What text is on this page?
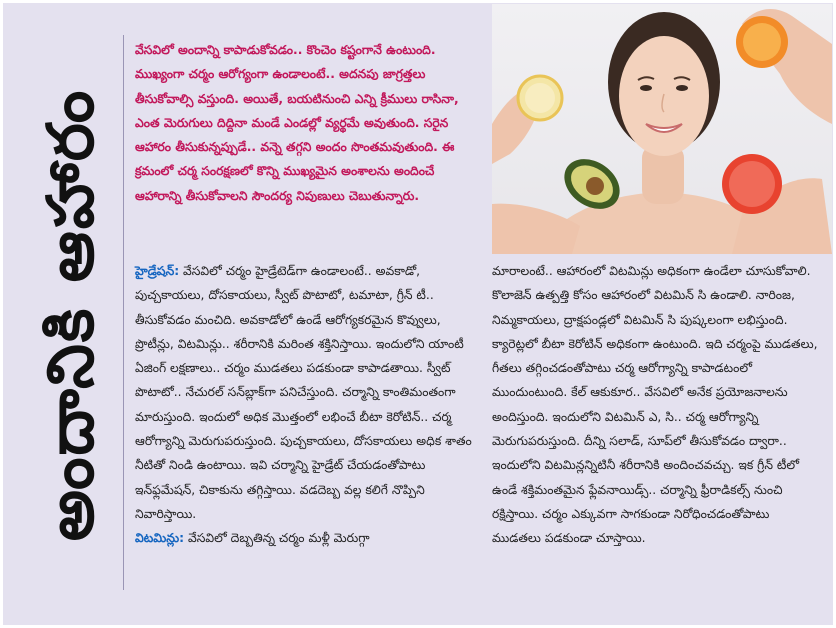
అందానికి ఆహారం

వేసవిలో అందాన్ని కాపాడుకోవడం.. కొంచెం కష్టంగానే ఉంటుంది. ముఖ్యంగా చర్మం ఆరోగ్యంగా ఉండాలంటే.. అదనపు జాగ్రత్తలు తీసుకోవాల్సి వస్తుంది. అయితే, బయటినుంచి ఎన్ని క్రీములు రాసినా, ఎంత మెరుగులు దిద్దినా మండే ఎండల్లో వ్యర్థమే అవుతుంది. సరైన ఆహారం తీసుకున్నప్పుడే.. వన్నె తగ్గని అందం సొంతమవుతుంది. ఈ క్రమంలో చర్మ సంరక్షణలో కొన్ని ముఖ్యమైన అంశాలను అందించే ఆహారాన్ని తీసుకోవాలని సౌందర్య నిపుణులు చెబుతున్నారు.

హైడ్రేషన్: వేసవిలో చర్మం హైడ్రేటెడ్‌గా ఉండాలంటే.. అవకాడో, పుచ్చకాయలు, దోసకాయలు, స్వీట్ పొటాటో, టమాటా, గ్రీన్ టీ.. తీసుకోవడం మంచిది. అవకాడోలో ఉండే ఆరోగ్యకరమైన కొవ్వులు, ప్రొటీన్లు, విటమిన్లు.. శరీరానికి మరింత శక్తినిస్తాయి. ఇందులోని యాంటీ ఏజింగ్ లక్షణాలు.. చర్మం ముడతలు పడకుండా కాపాడతాయి. స్వీట్ పొటాటో.. నేచురల్ సన్‌బ్లాక్‌గా పనిచేస్తుంది. చర్మాన్ని కాంతిమంతంగా మారుస్తుంది. ఇందులో అధిక మొత్తంలో లభించే బీటా కెరోటిన్.. చర్మ ఆరోగ్యాన్ని మెరుగుపరుస్తుంది. పుచ్చకాయలు, దోసకాయలు అధిక శాతం నీటితో నిండి ఉంటాయి. ఇవి చర్మాన్ని హైడ్రేట్ చేయడంతోపాటు ఇన్‌ఫ్లమేషన్, చికాకును తగ్గిస్తాయి. వడదెబ్బ వల్ల కలిగే నొప్పిని నివారిస్తాయి.

విటమిన్లు: వేసవిలో దెబ్బతిన్న చర్మం మళ్లీ మెరుగ్గా

మారాలంటే.. ఆహారంలో విటమిన్లు అధికంగా ఉండేలా చూసుకోవాలి. కొలాజెన్ ఉత్పత్తి కోసం ఆహారంలో విటమిన్ సి ఉండాలి. నారింజ, నిమ్మకాయలు, ద్రాక్షపండ్లలో విటమిన్ సి పుష్కలంగా లభిస్తుంది. క్యారెట్లలో బీటా కెరోటిన్ అధికంగా ఉంటుంది. ఇది చర్మంపై ముడతలు, గీతలు తగ్గించడంతోపాటు చర్మ ఆరోగ్యాన్ని కాపాడటంలో ముందుంటుంది. కేల్ ఆకుకూర.. వేసవిలో అనేక ప్రయోజనాలను అందిస్తుంది. ఇందులోని విటమిన్ ఎ, సి.. చర్మ ఆరోగ్యాన్ని మెరుగుపరుస్తుంది. దీన్ని సలాడ్, సూప్‌లో తీసుకోవడం ద్వారా.. ఇందులోని విటమిన్లన్నిటినీ శరీరానికి అందించవచ్చు. ఇక గ్రీన్ టీలో ఉండే శక్తిమంతమైన ఫ్లేవనాయిడ్స్.. చర్మాన్ని ఫ్రీరాడికల్స్ నుంచి రక్షిస్తాయి. చర్మం ఎక్కువగా సాగకుండా నిరోధించడంతోపాటు ముడతలు పడకుండా చూస్తాయి.
